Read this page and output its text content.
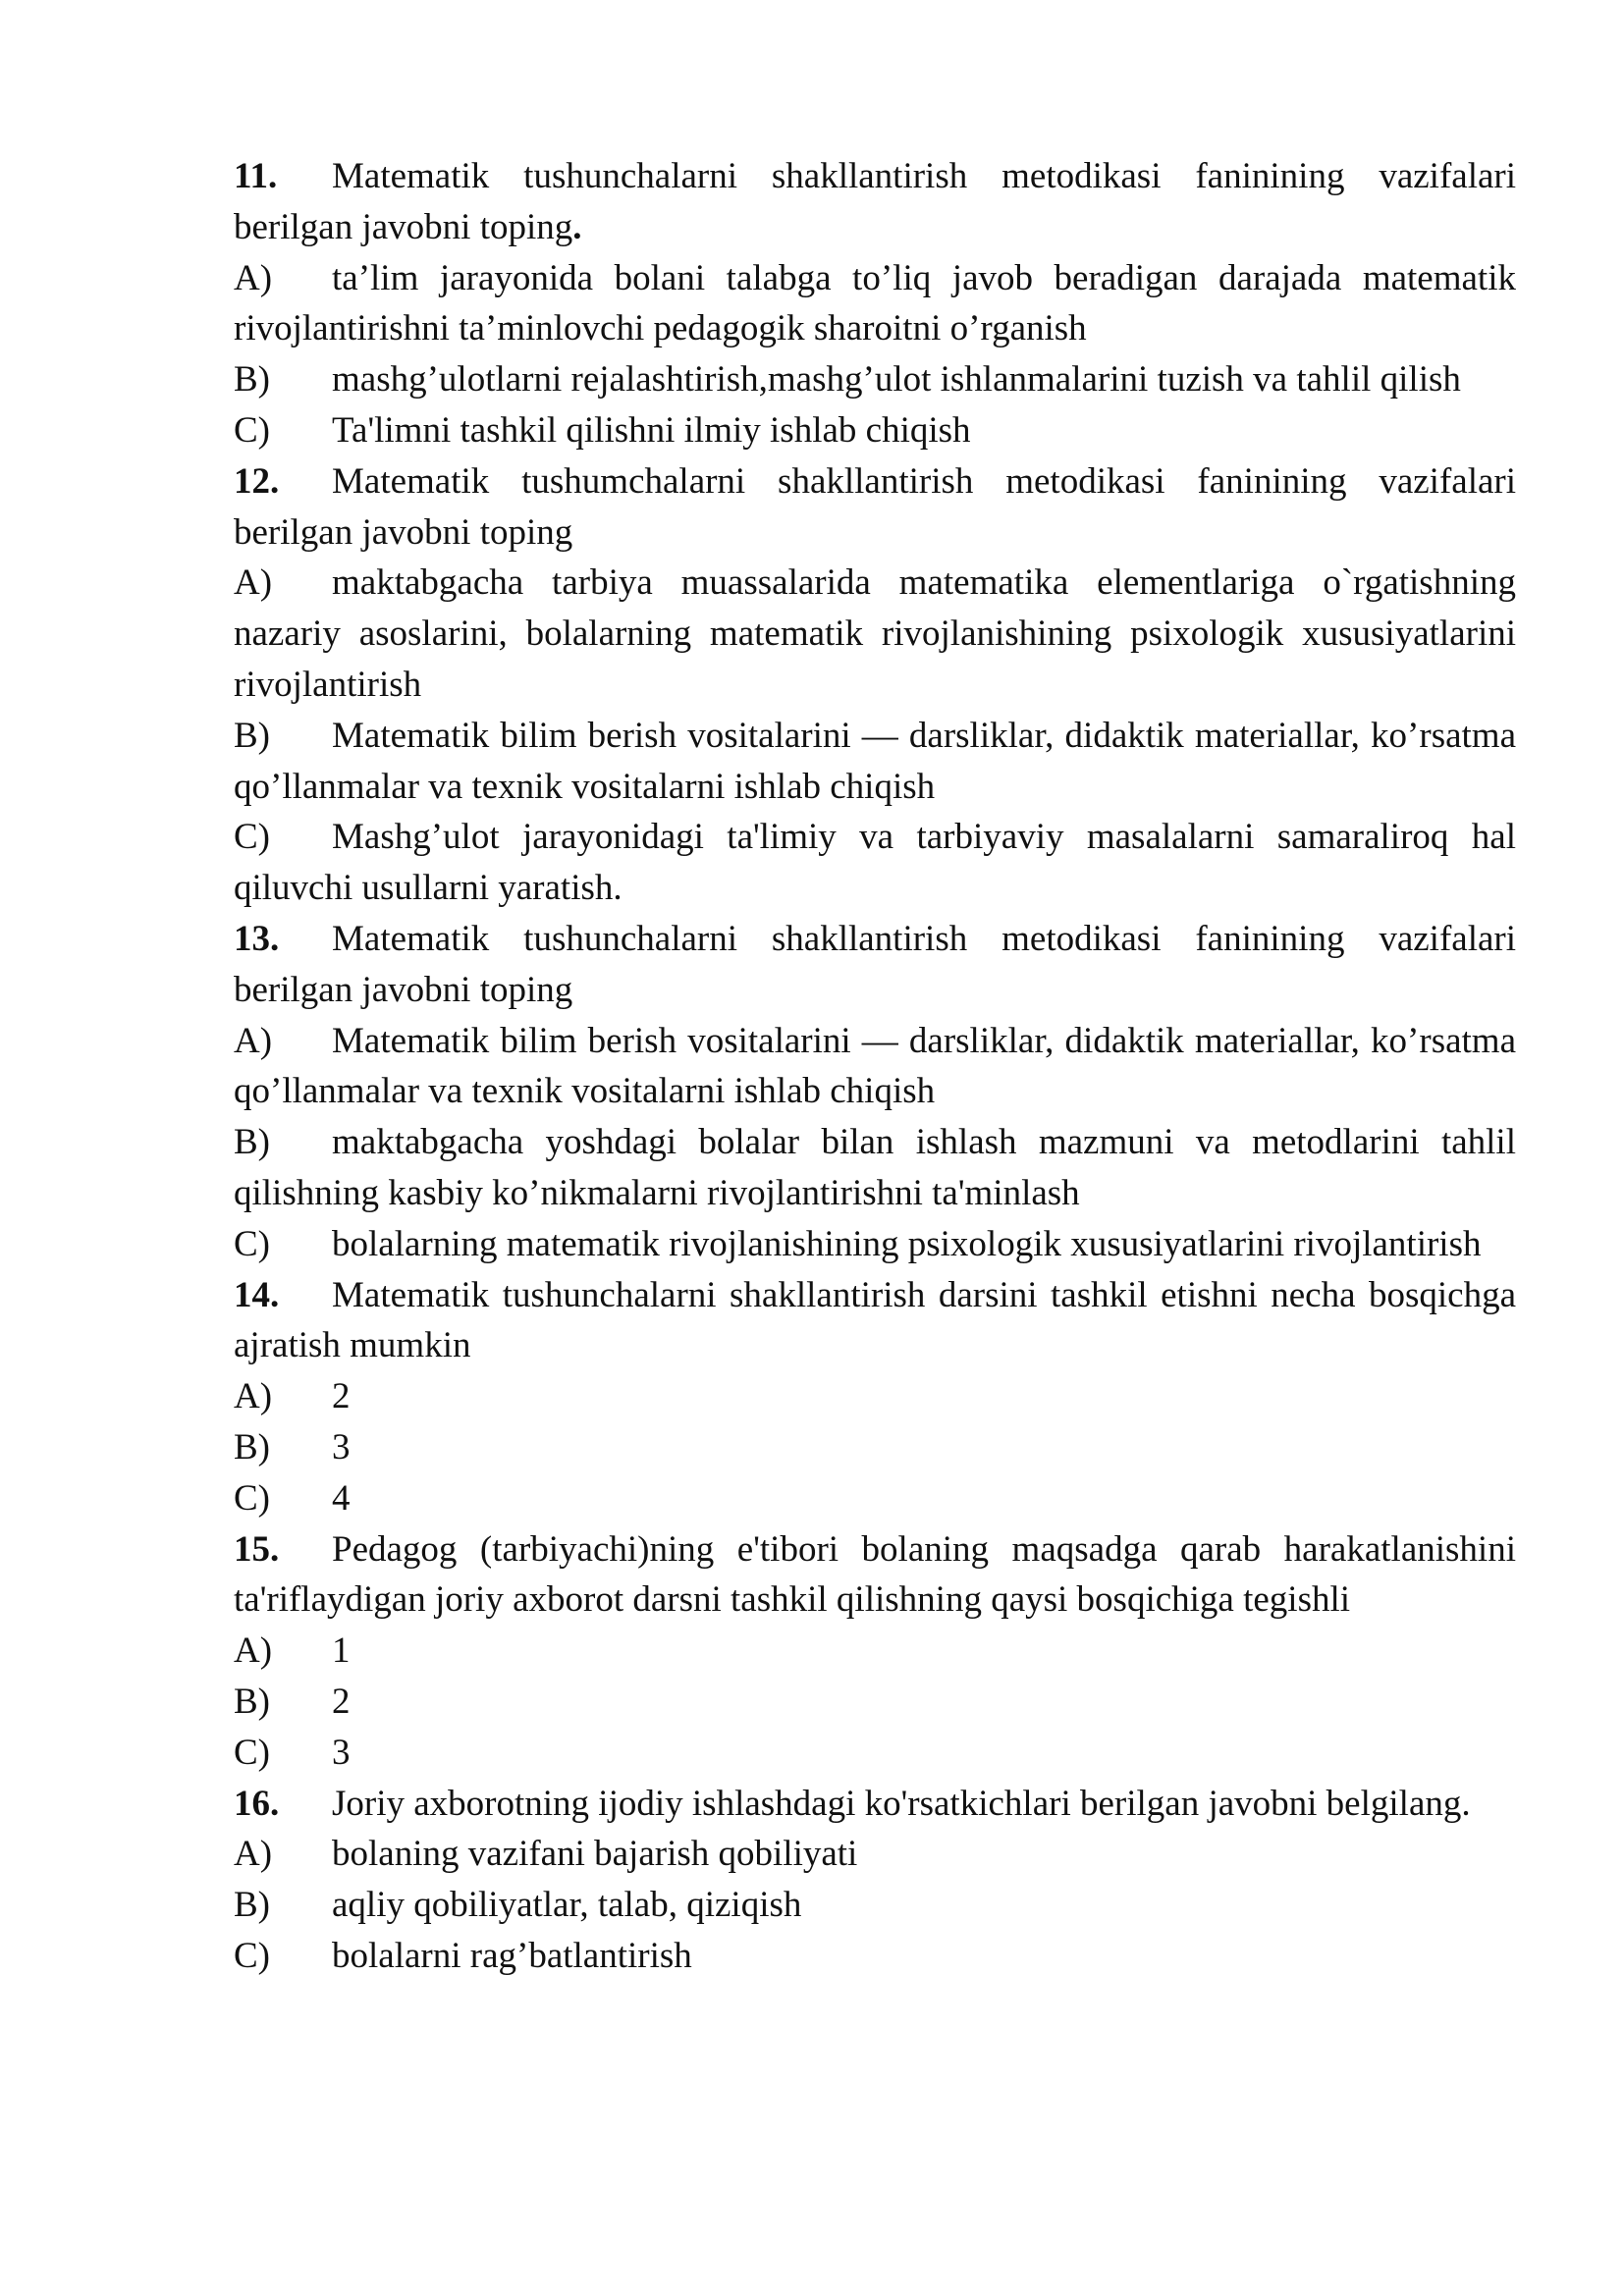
11. Matematik tushunchalarni shakllantirish metodikasi faninining vazifalari berilgan javobni toping.

A) ta’lim jarayonida bolani talabga to’liq javob beradigan darajada matematik rivojlantirishni ta’minlovchi pedagogik sharoitni o’rganish

B) mashg’ulotlarni rejalashtirish,mashg’ulot ishlanmalarini tuzish va tahlil qilish

C) Ta'limni tashkil qilishni ilmiy ishlab chiqish

12. Matematik tushumchalarni shakllantirish metodikasi faninining vazifalari berilgan javobni toping

A) maktabgacha tarbiya muassalarida matematika elementlariga o`rgatishning nazariy asoslarini, bolalarning matematik rivojlanishining psixologik xususiyatlarini rivojlantirish

B) Matematik bilim berish vositalarini — darsliklar, didaktik materiallar, ko’rsatma qo’llanmalar va texnik vositalarni ishlab chiqish

C) Mashg’ulot jarayonidagi ta'limiy va tarbiyaviy masalalarni samaraliroq hal qiluvchi usullarni yaratish.

13. Matematik tushunchalarni shakllantirish metodikasi faninining vazifalari berilgan javobni toping

A) Matematik bilim berish vositalarini — darsliklar, didaktik materiallar, ko’rsatma qo’llanmalar va texnik vositalarni ishlab chiqish

B) maktabgacha yoshdagi bolalar bilan ishlash mazmuni va metodlarini tahlil qilishning kasbiy ko’nikmalarni rivojlantirishni ta'minlash

C) bolalarning matematik rivojlanishining psixologik xususiyatlarini rivojlantirish

14. Matematik tushunchalarni shakllantirish darsini tashkil etishni necha bosqichga ajratish mumkin

A) 2

B) 3

C) 4

15. Pedagog (tarbiyachi)ning e'tibori bolaning maqsadga qarab harakatlanishini ta'riflaydigan joriy axborot darsni tashkil qilishning qaysi bosqichiga tegishli

A) 1

B) 2

C) 3

16. Joriy axborotning ijodiy ishlashdagi ko'rsatkichlari berilgan javobni belgilang.

A) bolaning vazifani bajarish qobiliyati

B) aqliy qobiliyatlar, talab, qiziqish

C) bolalarni rag’batlantirish
